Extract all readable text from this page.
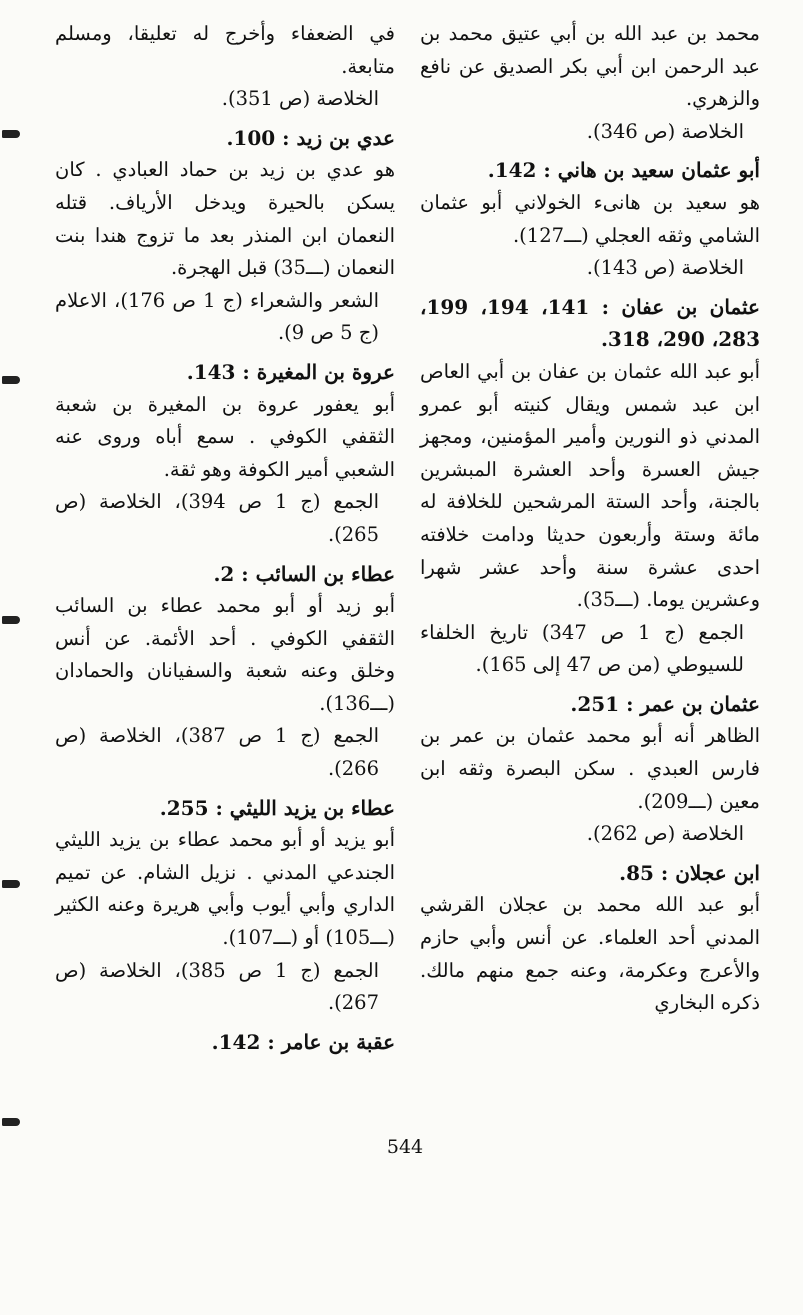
محمد بن عبد الله بن أبي عتيق محمد بن عبد الرحمن ابن أبي بكر الصديق عن نافع والزهري.

الخلاصة (ص 346).

أبو عثمان سعيد بن هاني : 142.

هو سعيد بن هانىء الخولاني أبو عثمان الشامي وثقه العجلي (ـــ127).

الخلاصة (ص 143).

عثمان بن عفان : 141، 194، 199، 283، 290، 318.

أبو عبد الله عثمان بن عفان بن أبي العاص ابن عبد شمس ويقال كنيته أبو عمرو المدني ذو النورين وأمير المؤمنين، ومجهز جيش العسرة وأحد العشرة المبشرين بالجنة، وأحد الستة المرشحين للخلافة له مائة وستة وأربعون حديثا ودامت خلافته احدى عشرة سنة وأحد عشر شهرا وعشرين يوما. (ـــ35).

الجمع (ج 1 ص 347) تاريخ الخلفاء للسيوطي (من ص 47 إلى 165).

عثمان بن عمر : 251.

الظاهر أنه أبو محمد عثمان بن عمر بن فارس العبدي . سكن البصرة وثقه ابن معين (ـــ209).

الخلاصة (ص 262).

ابن عجلان : 85.

أبو عبد الله محمد بن عجلان القرشي المدني أحد العلماء. عن أنس وأبي حازم والأعرج وعكرمة، وعنه جمع منهم مالك. ذكره البخاري

في الضعفاء وأخرج له تعليقا، ومسلم متابعة.

الخلاصة (ص 351).

عدي بن زيد : 100.

هو عدي بن زيد بن حماد العبادي . كان يسكن بالحيرة ويدخل الأرياف. قتله النعمان ابن المنذر بعد ما تزوج هندا بنت النعمان (ـــ35) قبل الهجرة.

الشعر والشعراء (ج 1 ص 176)، الاعلام (ج 5 ص 9).

عروة بن المغيرة : 143.

أبو يعفور عروة بن المغيرة بن شعبة الثقفي الكوفي . سمع أباه وروى عنه الشعبي أمير الكوفة وهو ثقة.

الجمع (ج 1 ص 394)، الخلاصة (ص 265).

عطاء بن السائب : 2.

أبو زيد أو أبو محمد عطاء بن السائب الثقفي الكوفي . أحد الأئمة. عن أنس وخلق وعنه شعبة والسفيانان والحمادان (ـــ136).

الجمع (ج 1 ص 387)، الخلاصة (ص 266).

عطاء بن يزيد الليثي : 255.

أبو يزيد أو أبو محمد عطاء بن يزيد الليثي الجندعي المدني . نزيل الشام. عن تميم الداري وأبي أيوب وأبي هريرة وعنه الكثير (ـــ105) أو (ـــ107).

الجمع (ج 1 ص 385)، الخلاصة (ص 267).

عقبة بن عامر : 142.
544
